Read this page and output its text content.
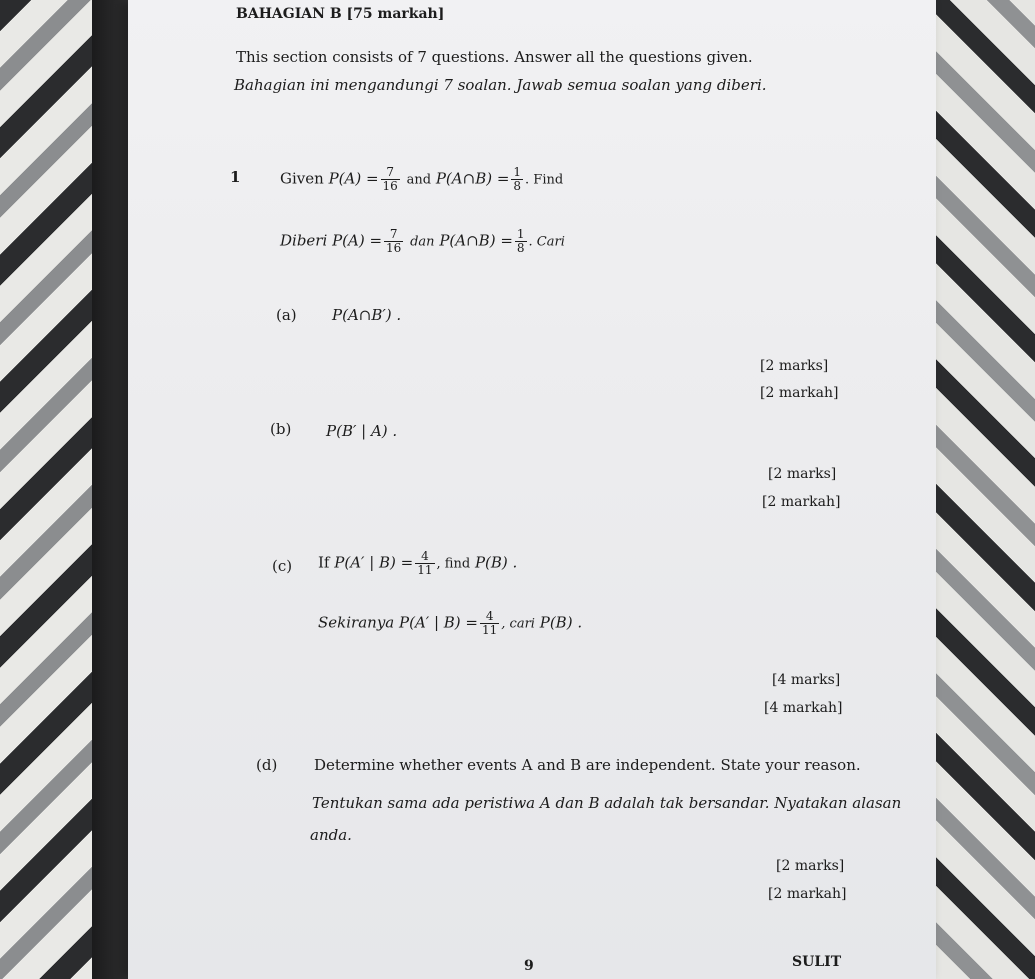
BAHAGIAN B [75 markah]
This section consists of 7 questions. Answer all the questions given.
Bahagian ini mengandungi 7 soalan. Jawab semua soalan yang diberi.
1	Given $P(A) = \frac{7}{16}$ and P(A∩B) = $\frac{1}{8}$ . Find
Diberi $P(A) = \frac{7}{16}$ dan P(A∩B) = $\frac{1}{8}$ . Cari
(a) P(A∩B′) .
[2 marks]
[2 markah]
(b) P(B′ | A) .
[2 marks]
[2 markah]
(c) If P(A′ | $B) = \frac{4}{11}$ , find P(B) .
Sekiranya P(A′ | $B) = \frac{4}{11}$ , cari P(B) .
[4 marks]
[4 markah]
(d) Determine whether events A and B are independent. State your reason.
Tentukan sama ada peristiwa A dan B adalah tak bersandar. Nyatakan alasan
anda.
[2 marks]
[2 markah]
9	SULIT
